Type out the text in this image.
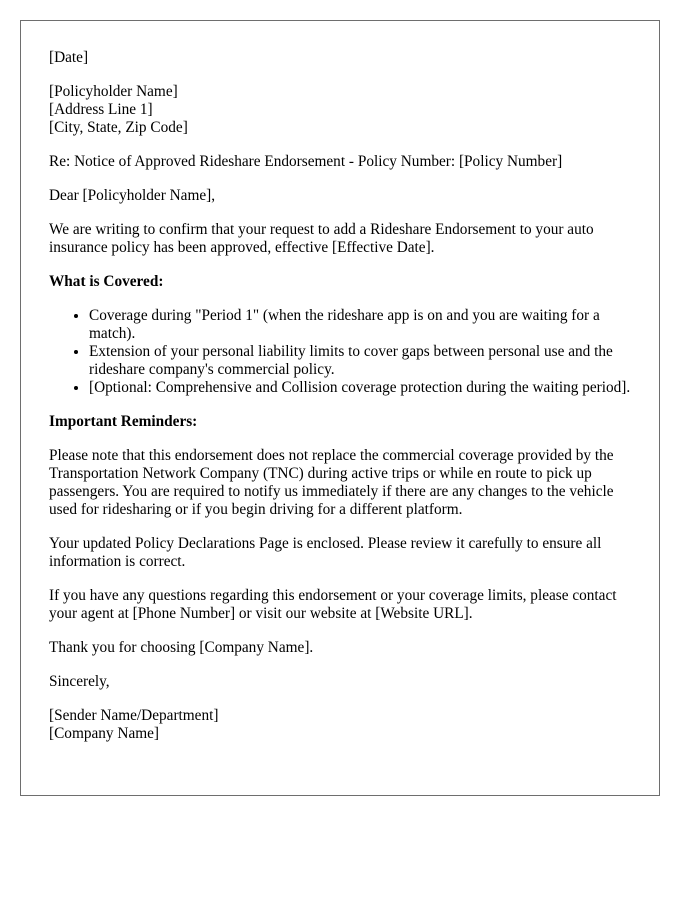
[Date]

[Policyholder Name]
[Address Line 1]
[City, State, Zip Code]

Re: Notice of Approved Rideshare Endorsement - Policy Number: [Policy Number]

Dear [Policyholder Name],

We are writing to confirm that your request to add a Rideshare Endorsement to your auto insurance policy has been approved, effective [Effective Date].

What is Covered:

• Coverage during "Period 1" (when the rideshare app is on and you are waiting for a match).
• Extension of your personal liability limits to cover gaps between personal use and the rideshare company's commercial policy.
• [Optional: Comprehensive and Collision coverage protection during the waiting period].

Important Reminders:

Please note that this endorsement does not replace the commercial coverage provided by the Transportation Network Company (TNC) during active trips or while en route to pick up passengers. You are required to notify us immediately if there are any changes to the vehicle used for ridesharing or if you begin driving for a different platform.

Your updated Policy Declarations Page is enclosed. Please review it carefully to ensure all information is correct.

If you have any questions regarding this endorsement or your coverage limits, please contact your agent at [Phone Number] or visit our website at [Website URL].

Thank you for choosing [Company Name].

Sincerely,

[Sender Name/Department]
[Company Name]
